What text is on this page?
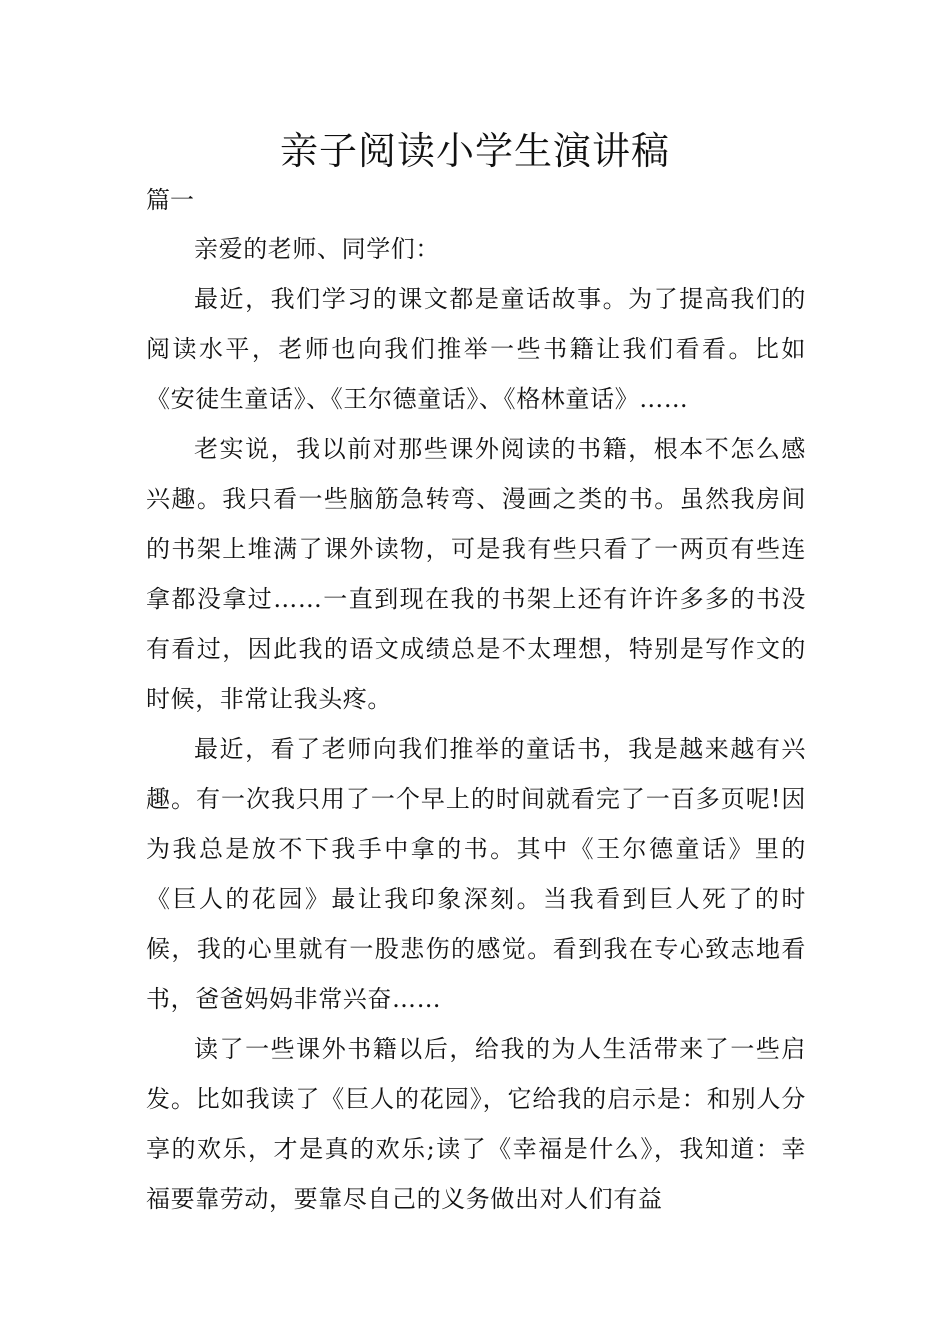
亲子阅读小学生演讲稿
篇一

亲爱的老师、同学们：

最近，我们学习的课文都是童话故事。为了提高我们的阅读水平，老师也向我们推举一些书籍让我们看看。比如《安徒生童话》、《王尔德童话》、《格林童话》……

老实说，我以前对那些课外阅读的书籍，根本不怎么感兴趣。我只看一些脑筋急转弯、漫画之类的书。虽然我房间的书架上堆满了课外读物，可是我有些只看了一两页有些连拿都没拿过……一直到现在我的书架上还有许许多多的书没有看过，因此我的语文成绩总是不太理想，特别是写作文的时候，非常让我头疼。

最近，看了老师向我们推举的童话书，我是越来越有兴趣。有一次我只用了一个早上的时间就看完了一百多页呢!因为我总是放不下我手中拿的书。其中《王尔德童话》里的《巨人的花园》最让我印象深刻。当我看到巨人死了的时候，我的心里就有一股悲伤的感觉。看到我在专心致志地看书，爸爸妈妈非常兴奋……

读了一些课外书籍以后，给我的为人生活带来了一些启发。比如我读了《巨人的花园》，它给我的启示是：和别人分享的欢乐，才是真的欢乐;读了《幸福是什么》，我知道：幸福要靠劳动，要靠尽自己的义务做出对人们有益
